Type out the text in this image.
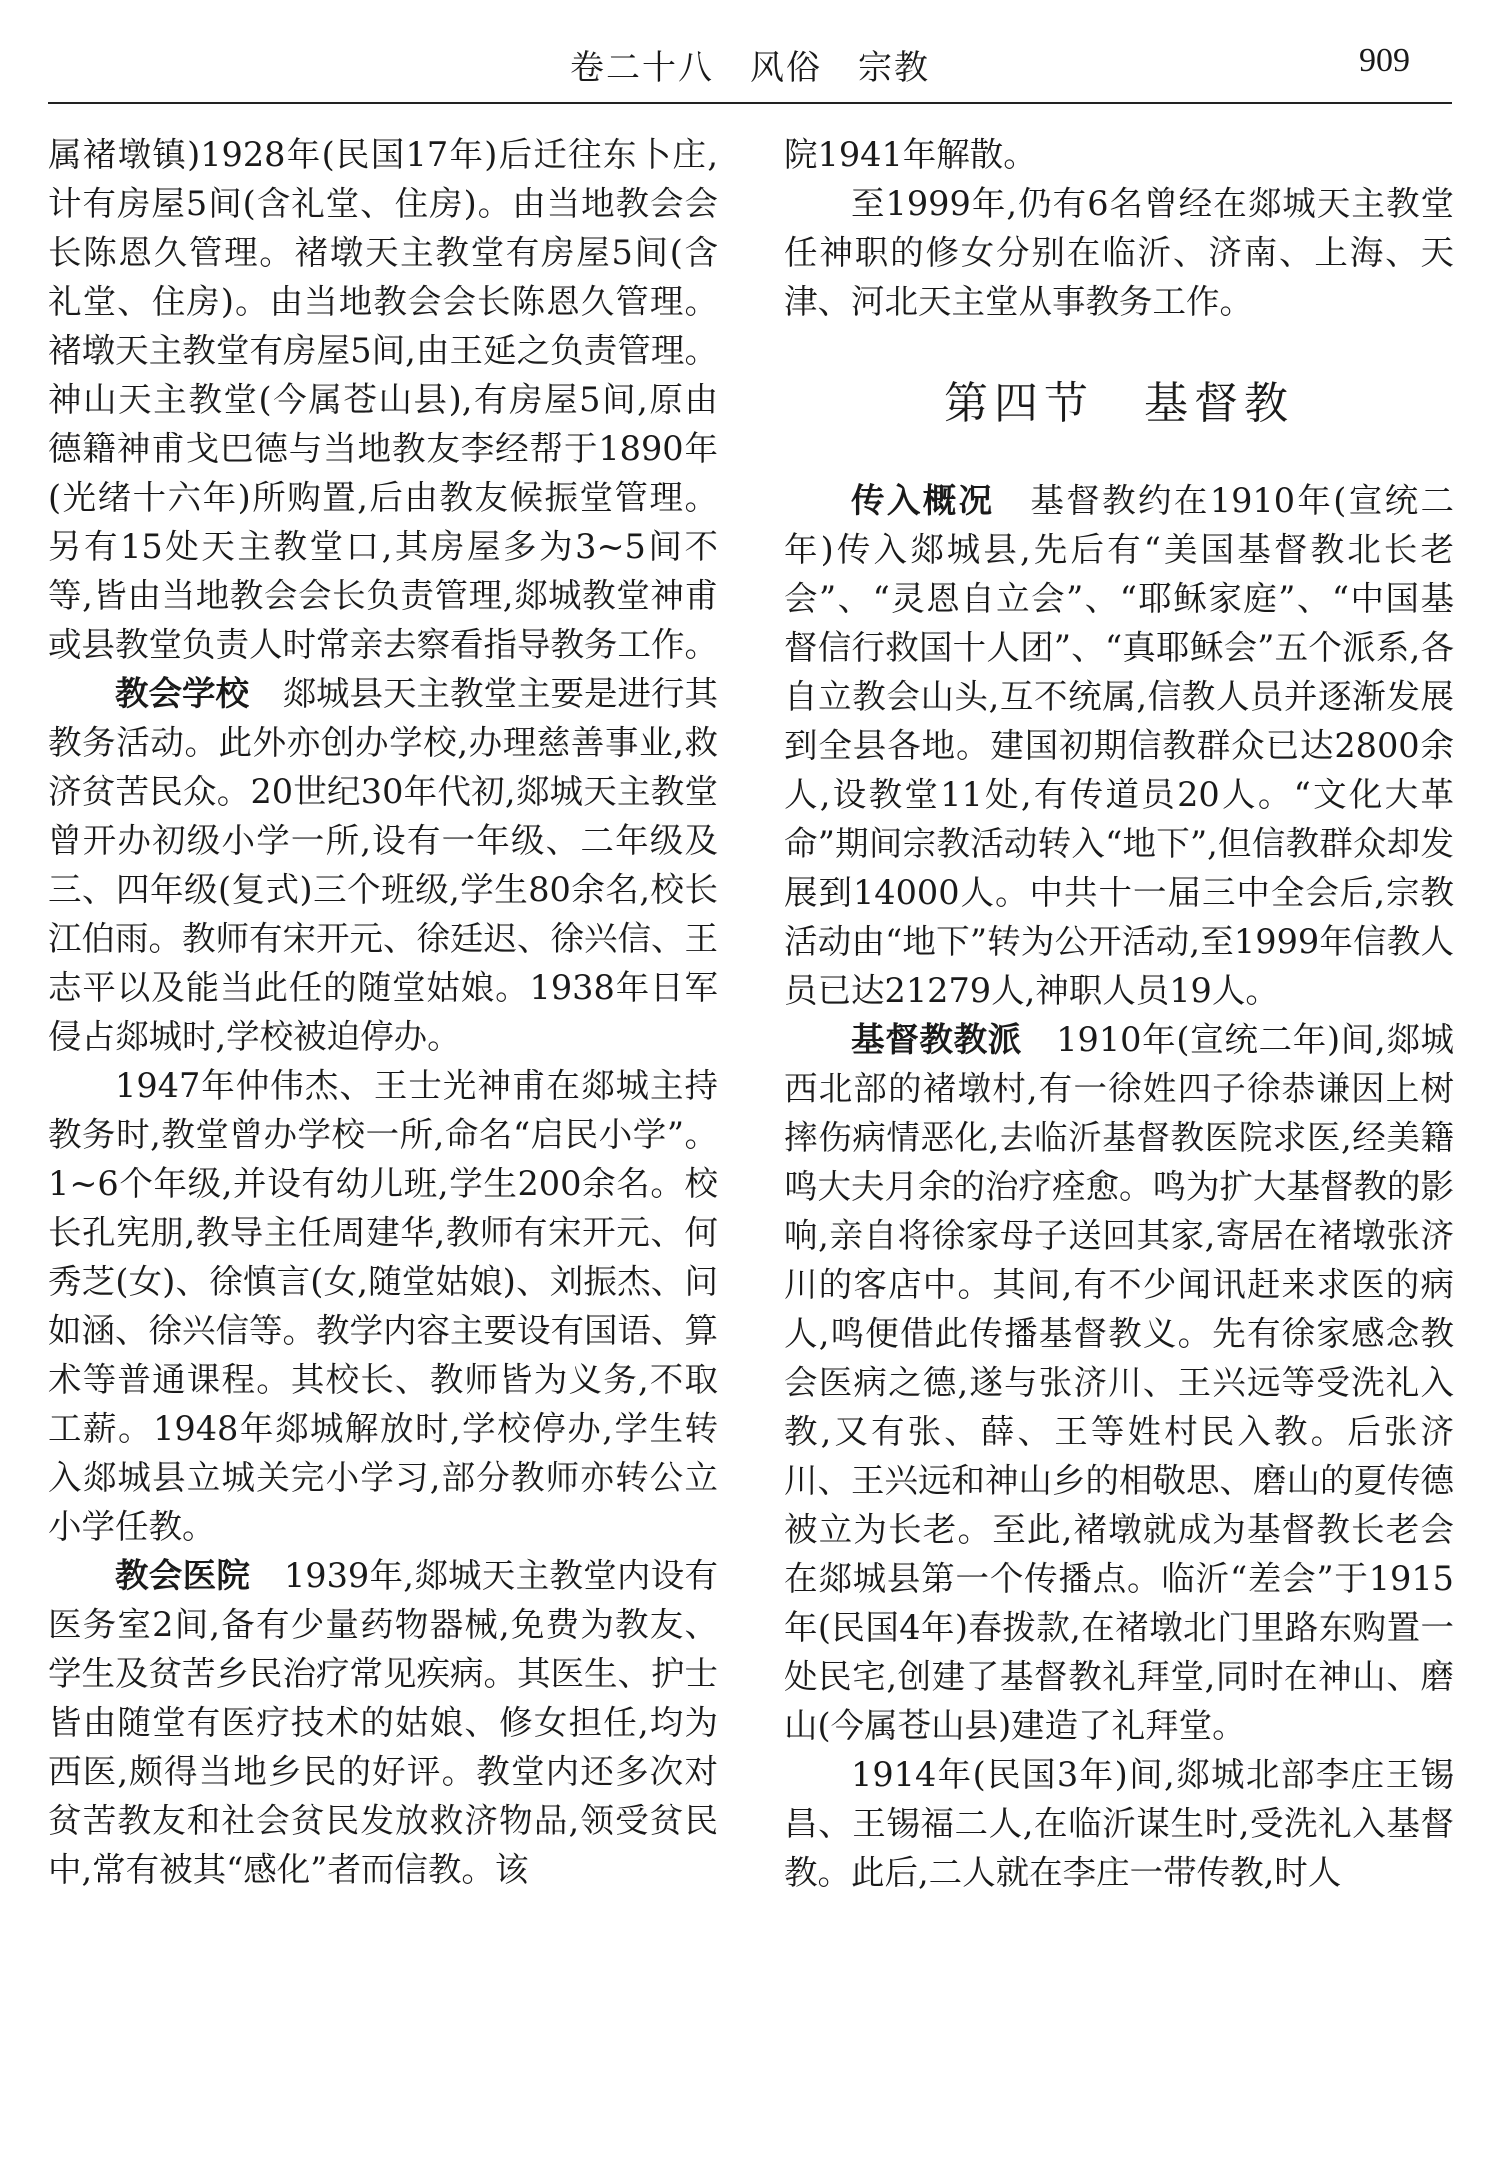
卷二十八　风俗　宗教	909

属褚墩镇)1928年(民国17年)后迁往东卜庄,计有房屋5间(含礼堂、住房)。由当地教会会长陈恩久管理。褚墩天主教堂有房屋5间(含礼堂、住房)。由当地教会会长陈恩久管理。褚墩天主教堂有房屋5间,由王延之负责管理。神山天主教堂(今属苍山县),有房屋5间,原由德籍神甫戈巴德与当地教友李经帮于1890年(光绪十六年)所购置,后由教友候振堂管理。另有15处天主教堂口,其房屋多为3~5间不等,皆由当地教会会长负责管理,郯城教堂神甫或县教堂负责人时常亲去察看指导教务工作。

教会学校　郯城县天主教堂主要是进行其教务活动。此外亦创办学校,办理慈善事业,救济贫苦民众。20世纪30年代初,郯城天主教堂曾开办初级小学一所,设有一年级、二年级及三、四年级(复式)三个班级,学生80余名,校长江伯雨。教师有宋开元、徐廷迟、徐兴信、王志平以及能当此任的随堂姑娘。1938年日军侵占郯城时,学校被迫停办。

1947年仲伟杰、王士光神甫在郯城主持教务时,教堂曾办学校一所,命名“启民小学”。1~6个年级,并设有幼儿班,学生200余名。校长孔宪朋,教导主任周建华,教师有宋开元、何秀芝(女)、徐慎言(女,随堂姑娘)、刘振杰、问如涵、徐兴信等。教学内容主要设有国语、算术等普通课程。其校长、教师皆为义务,不取工薪。1948年郯城解放时,学校停办,学生转入郯城县立城关完小学习,部分教师亦转公立小学任教。

教会医院　1939年,郯城天主教堂内设有医务室2间,备有少量药物器械,免费为教友、学生及贫苦乡民治疗常见疾病。其医生、护士皆由随堂有医疗技术的姑娘、修女担任,均为西医,颇得当地乡民的好评。教堂内还多次对贫苦教友和社会贫民发放救济物品,领受贫民中,常有被其“感化”者而信教。该

院1941年解散。

至1999年,仍有6名曾经在郯城天主教堂任神职的修女分别在临沂、济南、上海、天津、河北天主堂从事教务工作。

第四节　基督教

传入概况　基督教约在1910年(宣统二年)传入郯城县,先后有“美国基督教北长老会”、“灵恩自立会”、“耶稣家庭”、“中国基督信行救国十人团”、“真耶稣会”五个派系,各自立教会山头,互不统属,信教人员并逐渐发展到全县各地。建国初期信教群众已达2800余人,设教堂11处,有传道员20人。“文化大革命”期间宗教活动转入“地下”,但信教群众却发展到14000人。中共十一届三中全会后,宗教活动由“地下”转为公开活动,至1999年信教人员已达21279人,神职人员19人。

基督教教派　1910年(宣统二年)间,郯城西北部的褚墩村,有一徐姓四子徐恭谦因上树摔伤病情恶化,去临沂基督教医院求医,经美籍鸣大夫月余的治疗痊愈。鸣为扩大基督教的影响,亲自将徐家母子送回其家,寄居在褚墩张济川的客店中。其间,有不少闻讯赶来求医的病人,鸣便借此传播基督教义。先有徐家感念教会医病之德,遂与张济川、王兴远等受洗礼入教,又有张、薛、王等姓村民入教。后张济川、王兴远和神山乡的相敬思、磨山的夏传德被立为长老。至此,褚墩就成为基督教长老会在郯城县第一个传播点。临沂“差会”于1915年(民国4年)春拨款,在褚墩北门里路东购置一处民宅,创建了基督教礼拜堂,同时在神山、磨山(今属苍山县)建造了礼拜堂。

1914年(民国3年)间,郯城北部李庄王锡昌、王锡福二人,在临沂谋生时,受洗礼入基督教。此后,二人就在李庄一带传教,时人
